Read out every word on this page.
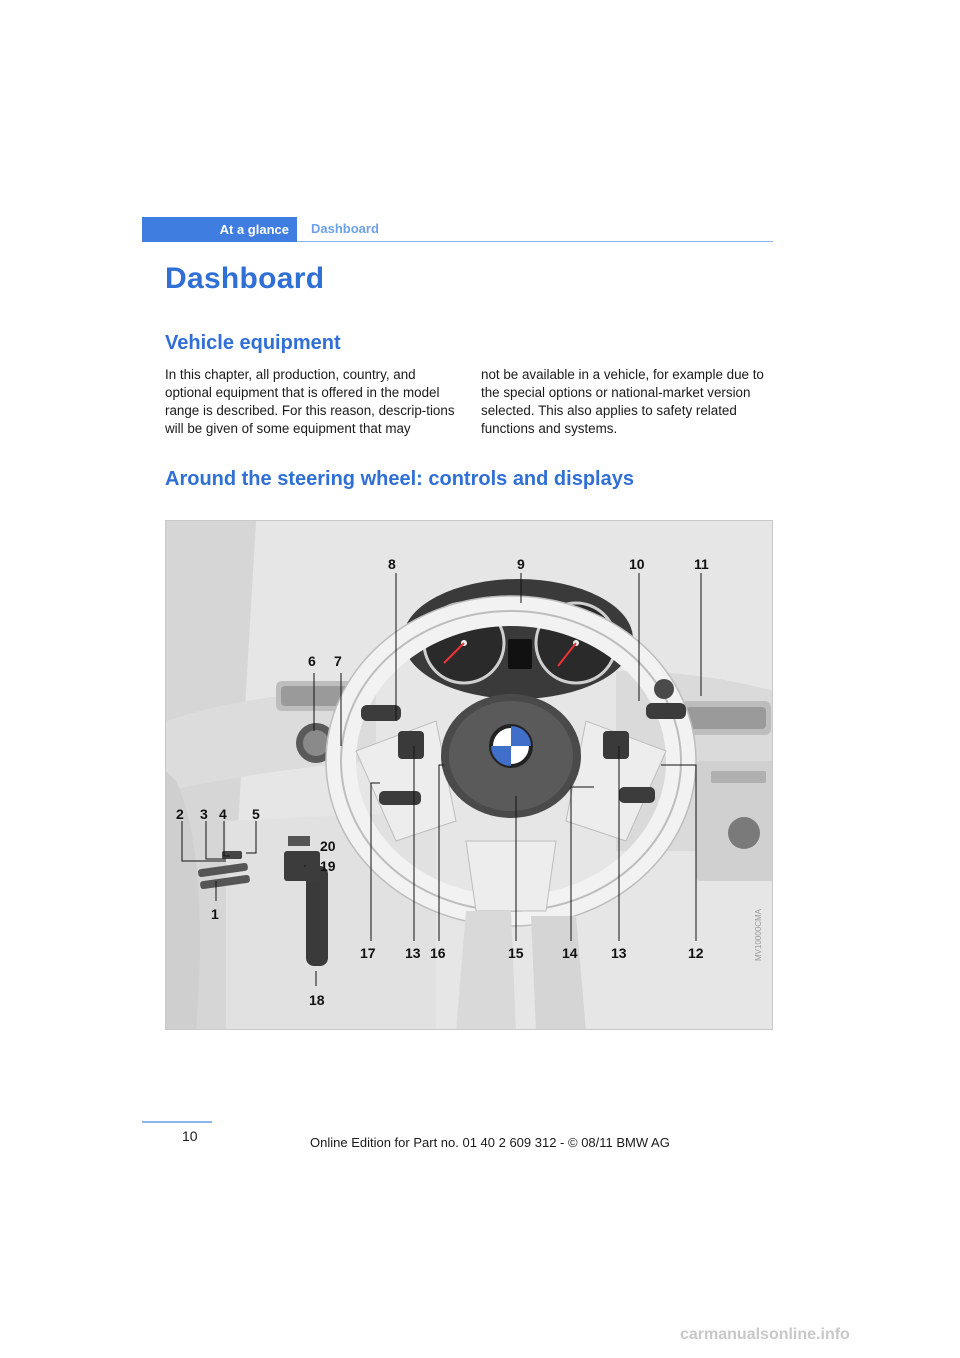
At a glance Dashboard
Dashboard
Vehicle equipment

In this chapter, all production, country, and optional equipment that is offered in the model range is described. For this reason, descrip-tions will be given of some equipment that may

not be available in a vehicle, for example due to the special options or national-market version selected. This also applies to safety related functions and systems.

Around the steering wheel: controls and displays
8	9	10	11
6 7
2 3 4 5
20
19
1
17 13 16	15	14 13	12
18
MV10000CMA
10	Online Edition for Part no. 01 40 2 609 312 - © 08/11 BMW AG
carmanualsonline.info
